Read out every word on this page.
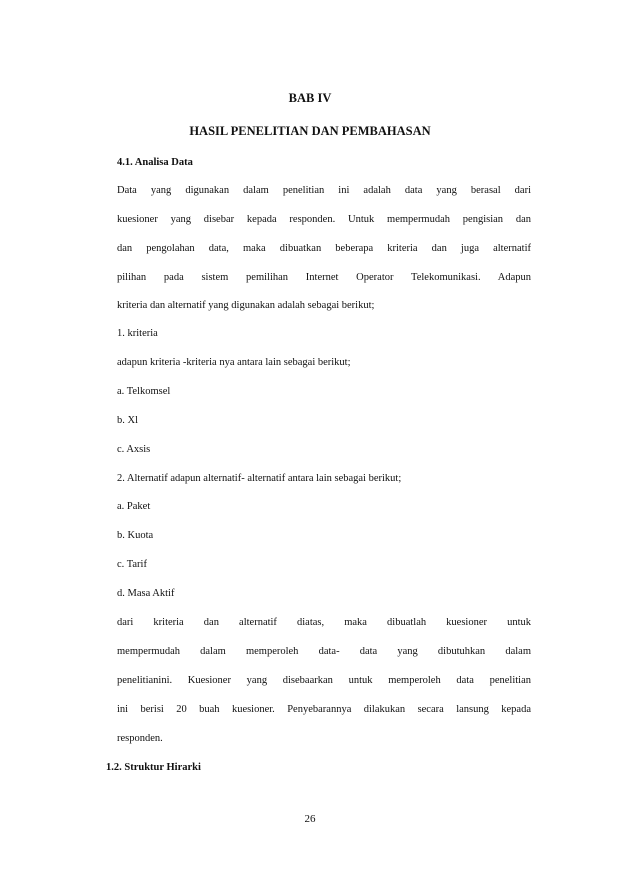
BAB IV
HASIL PENELITIAN DAN PEMBAHASAN
4.1. Analisa Data
Data yang digunakan dalam penelitian ini adalah data yang berasal dari
kuesioner yang disebar kepada responden. Untuk mempermudah pengisian dan
dan pengolahan data, maka dibuatkan beberapa kriteria dan juga alternatif
pilihan pada sistem pemilihan Internet Operator Telekomunikasi. Adapun
kriteria dan alternatif yang digunakan adalah sebagai berikut;
1. kriteria
adapun kriteria -kriteria nya antara lain sebagai berikut;
a. Telkomsel
b. Xl
c. Axsis
2. Alternatif adapun alternatif- alternatif antara lain sebagai berikut;
a. Paket
b. Kuota
c. Tarif
d. Masa Aktif
dari kriteria dan alternatif diatas, maka dibuatlah kuesioner untuk
mempermudah dalam memperoleh data- data yang dibutuhkan dalam
penelitianini. Kuesioner yang disebaarkan untuk memperoleh data penelitian
ini berisi 20 buah kuesioner. Penyebarannya dilakukan secara lansung kepada
responden.
1.2. Struktur Hirarki
26
